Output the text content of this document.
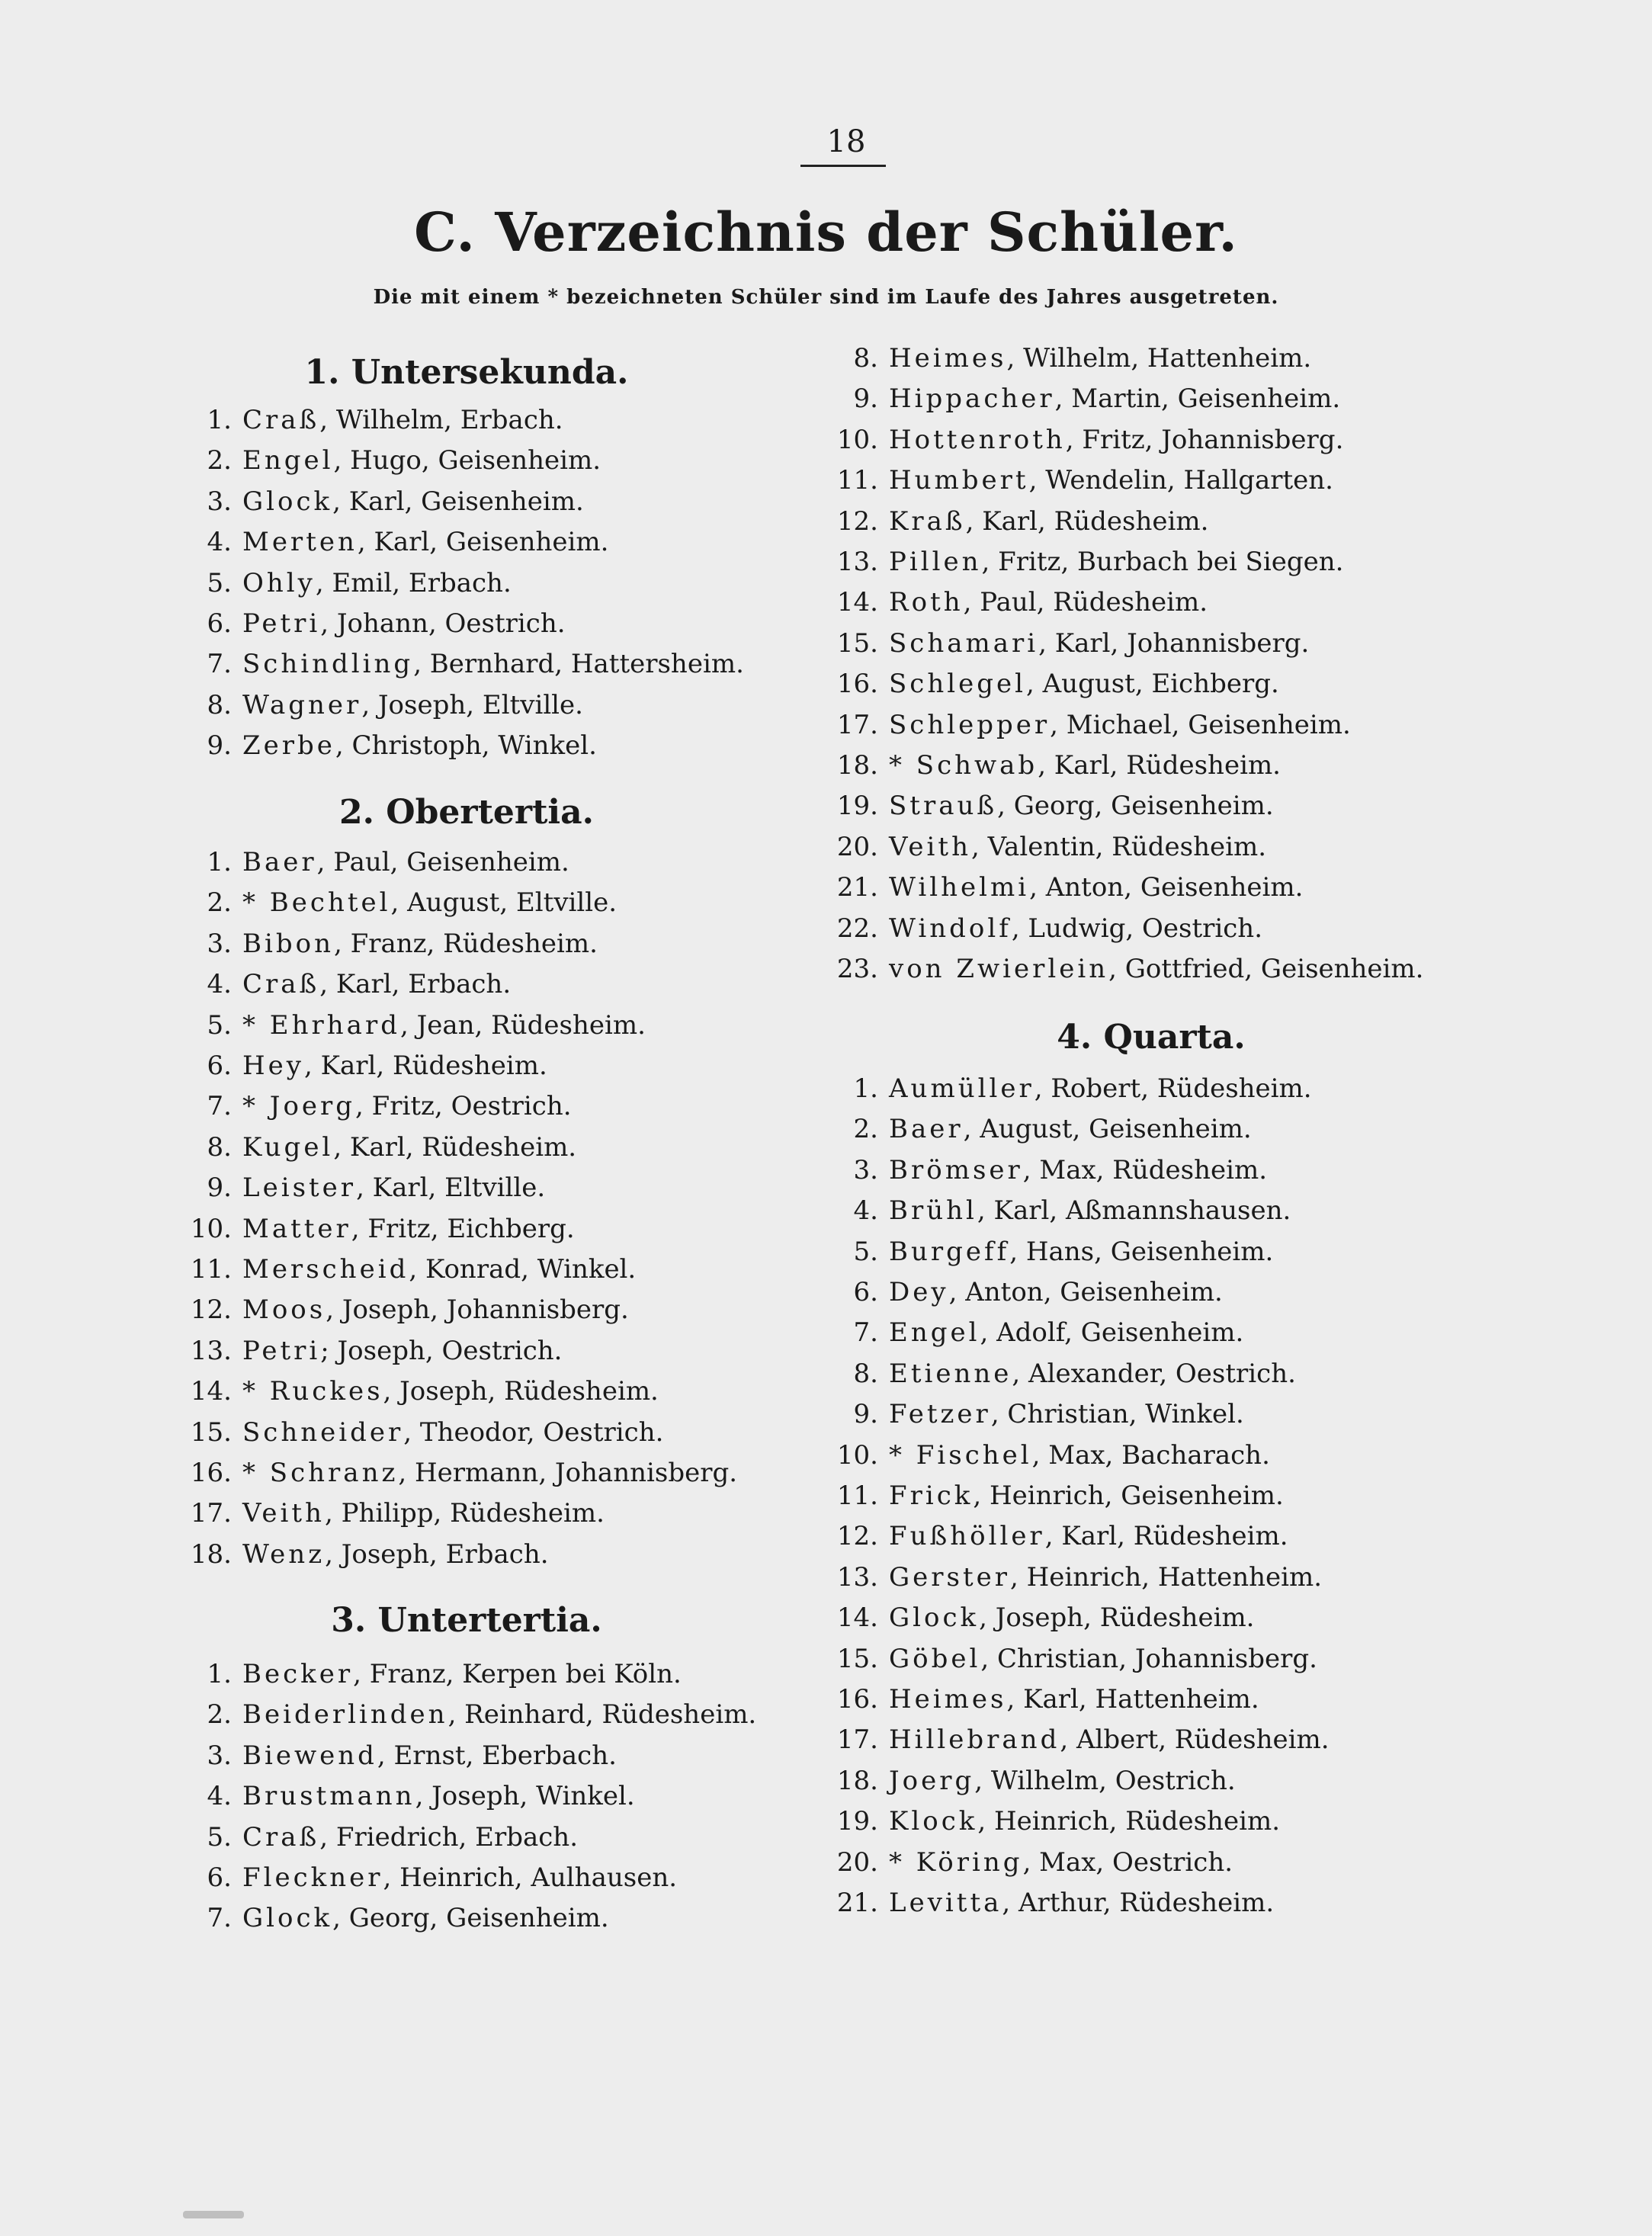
18
C. Verzeichnis der Schüler.
Die mit einem * bezeichneten Schüler sind im Laufe des Jahres ausgetreten.
1. Untersekunda.
1. Craß, Wilhelm, Erbach.
2. Engel, Hugo, Geisenheim.
3. Glock, Karl, Geisenheim.
4. Merten, Karl, Geisenheim.
5. Ohly, Emil, Erbach.
6. Petri, Johann, Oestrich.
7. Schindling, Bernhard, Hattersheim.
8. Wagner, Joseph, Eltville.
9. Zerbe, Christoph, Winkel.
2. Obertertia.
1. Baer, Paul, Geisenheim.
2. * Bechtel, August, Eltville.
3. Bibon, Franz, Rüdesheim.
4. Craß, Karl, Erbach.
5. * Ehrhard, Jean, Rüdesheim.
6. Hey, Karl, Rüdesheim.
7. * Joerg, Fritz, Oestrich.
8. Kugel, Karl, Rüdesheim.
9. Leister, Karl, Eltville.
10. Matter, Fritz, Eichberg.
11. Merscheid, Konrad, Winkel.
12. Moos, Joseph, Johannisberg.
13. Petri; Joseph, Oestrich.
14. * Ruckes, Joseph, Rüdesheim.
15. Schneider, Theodor, Oestrich.
16. * Schranz, Hermann, Johannisberg.
17. Veith, Philipp, Rüdesheim.
18. Wenz, Joseph, Erbach.
3. Untertertia.
1. Becker, Franz, Kerpen bei Köln.
2. Beiderlinden, Reinhard, Rüdesheim.
3. Biewend, Ernst, Eberbach.
4. Brustmann, Joseph, Winkel.
5. Craß, Friedrich, Erbach.
6. Fleckner, Heinrich, Aulhausen.
7. Glock, Georg, Geisenheim.
8. Heimes, Wilhelm, Hattenheim.
9. Hippacher, Martin, Geisenheim.
10. Hottenroth, Fritz, Johannisberg.
11. Humbert, Wendelin, Hallgarten.
12. Kraß, Karl, Rüdesheim.
13. Pillen, Fritz, Burbach bei Siegen.
14. Roth, Paul, Rüdesheim.
15. Schamari, Karl, Johannisberg.
16. Schlegel, August, Eichberg.
17. Schlepper, Michael, Geisenheim.
18. * Schwab, Karl, Rüdesheim.
19. Strauß, Georg, Geisenheim.
20. Veith, Valentin, Rüdesheim.
21. Wilhelmi, Anton, Geisenheim.
22. Windolf, Ludwig, Oestrich.
23. von Zwierlein, Gottfried, Geisenheim.
4. Quarta.
1. Aumüller, Robert, Rüdesheim.
2. Baer, August, Geisenheim.
3. Brömser, Max, Rüdesheim.
4. Brühl, Karl, Aßmannshausen.
5. Burgeff, Hans, Geisenheim.
6. Dey, Anton, Geisenheim.
7. Engel, Adolf, Geisenheim.
8. Etienne, Alexander, Oestrich.
9. Fetzer, Christian, Winkel.
10. * Fischel, Max, Bacharach.
11. Frick, Heinrich, Geisenheim.
12. Fußhöller, Karl, Rüdesheim.
13. Gerster, Heinrich, Hattenheim.
14. Glock, Joseph, Rüdesheim.
15. Göbel, Christian, Johannisberg.
16. Heimes, Karl, Hattenheim.
17. Hillebrand, Albert, Rüdesheim.
18. Joerg, Wilhelm, Oestrich.
19. Klock, Heinrich, Rüdesheim.
20. * Köring, Max, Oestrich.
21. Levitta, Arthur, Rüdesheim.
